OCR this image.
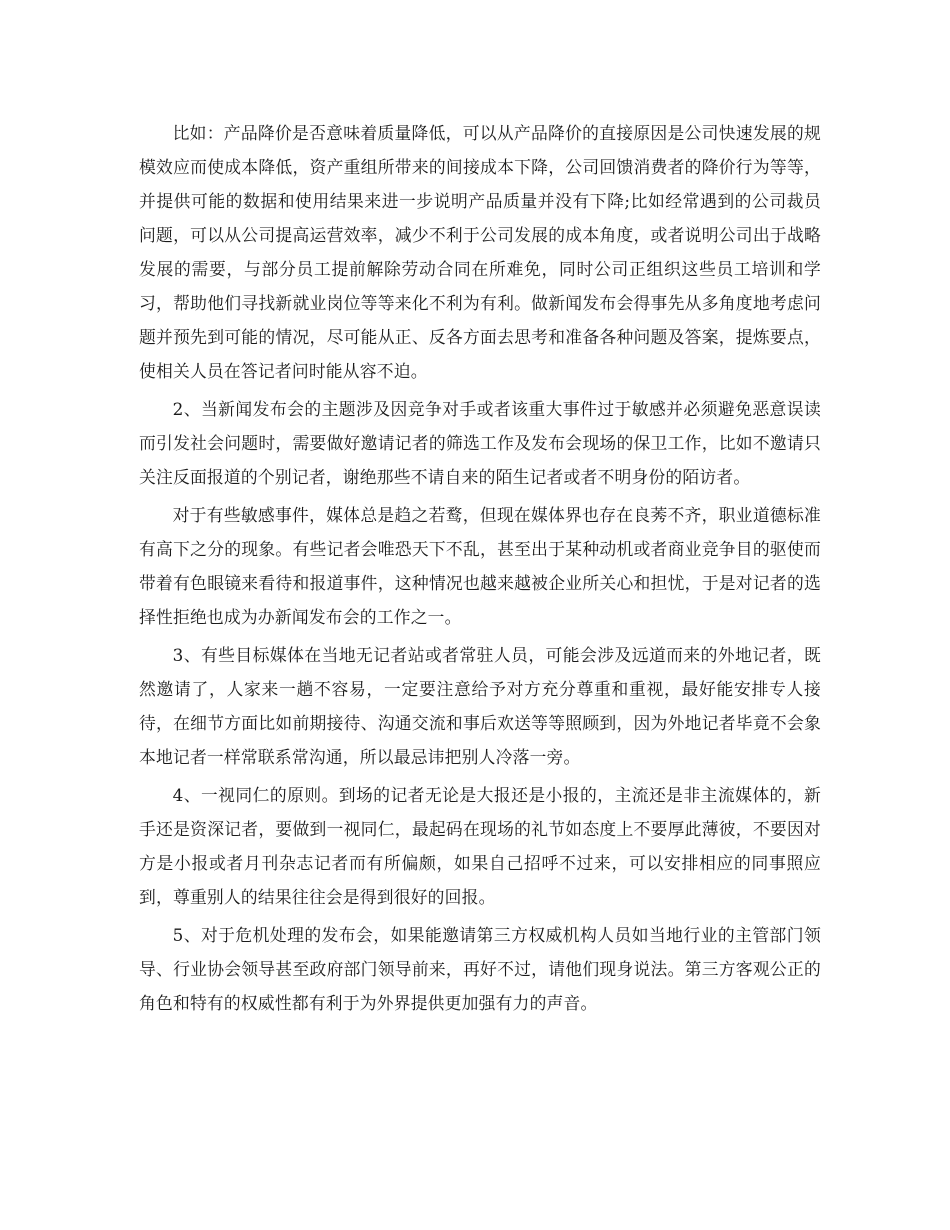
比如：产品降价是否意味着质量降低，可以从产品降价的直接原因是公司快速发展的规模效应而使成本降低，资产重组所带来的间接成本下降，公司回馈消费者的降价行为等等，并提供可能的数据和使用结果来进一步说明产品质量并没有下降;比如经常遇到的公司裁员问题，可以从公司提高运营效率，减少不利于公司发展的成本角度，或者说明公司出于战略发展的需要，与部分员工提前解除劳动合同在所难免，同时公司正组织这些员工培训和学习，帮助他们寻找新就业岗位等等来化不利为有利。做新闻发布会得事先从多角度地考虑问题并预先到可能的情况，尽可能从正、反各方面去思考和准备各种问题及答案，提炼要点，使相关人员在答记者问时能从容不迫。

2、当新闻发布会的主题涉及因竞争对手或者该重大事件过于敏感并必须避免恶意误读而引发社会问题时，需要做好邀请记者的筛选工作及发布会现场的保卫工作，比如不邀请只关注反面报道的个别记者，谢绝那些不请自来的陌生记者或者不明身份的陌访者。

对于有些敏感事件，媒体总是趋之若鹜，但现在媒体界也存在良莠不齐，职业道德标准有高下之分的现象。有些记者会唯恐天下不乱，甚至出于某种动机或者商业竞争目的驱使而带着有色眼镜来看待和报道事件，这种情况也越来越被企业所关心和担忧，于是对记者的选择性拒绝也成为办新闻发布会的工作之一。

3、有些目标媒体在当地无记者站或者常驻人员，可能会涉及远道而来的外地记者，既然邀请了，人家来一趟不容易，一定要注意给予对方充分尊重和重视，最好能安排专人接待，在细节方面比如前期接待、沟通交流和事后欢送等等照顾到，因为外地记者毕竟不会象本地记者一样常联系常沟通，所以最忌讳把别人冷落一旁。

4、一视同仁的原则。到场的记者无论是大报还是小报的，主流还是非主流媒体的，新手还是资深记者，要做到一视同仁，最起码在现场的礼节如态度上不要厚此薄彼，不要因对方是小报或者月刊杂志记者而有所偏颇，如果自己招呼不过来，可以安排相应的同事照应到，尊重别人的结果往往会是得到很好的回报。

5、对于危机处理的发布会，如果能邀请第三方权威机构人员如当地行业的主管部门领导、行业协会领导甚至政府部门领导前来，再好不过，请他们现身说法。第三方客观公正的角色和特有的权威性都有利于为外界提供更加强有力的声音。
